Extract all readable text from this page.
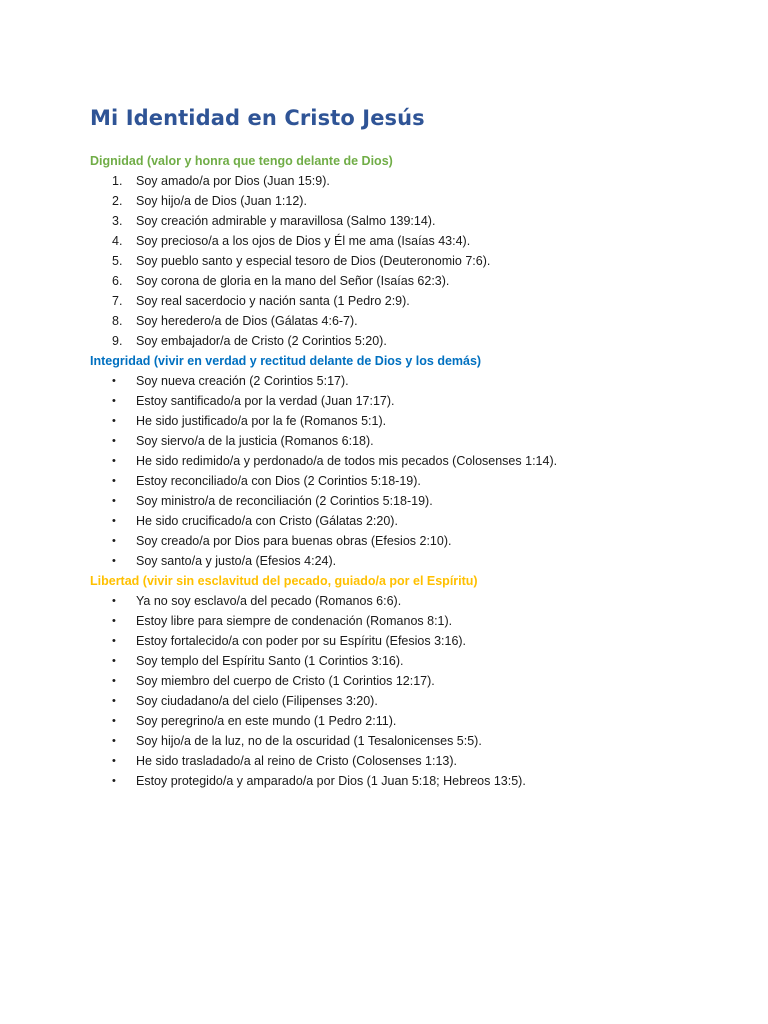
Mi Identidad en Cristo Jesús

Dignidad (valor y honra que tengo delante de Dios)

1. Soy amado/a por Dios (Juan 15:9).
2. Soy hijo/a de Dios (Juan 1:12).
3. Soy creación admirable y maravillosa (Salmo 139:14).
4. Soy precioso/a a los ojos de Dios y Él me ama (Isaías 43:4).
5. Soy pueblo santo y especial tesoro de Dios (Deuteronomio 7:6).
6. Soy corona de gloria en la mano del Señor (Isaías 62:3).
7. Soy real sacerdocio y nación santa (1 Pedro 2:9).
8. Soy heredero/a de Dios (Gálatas 4:6-7).
9. Soy embajador/a de Cristo (2 Corintios 5:20).

Integridad (vivir en verdad y rectitud delante de Dios y los demás)

•	Soy nueva creación (2 Corintios 5:17).
•	Estoy santificado/a por la verdad (Juan 17:17).
•	He sido justificado/a por la fe (Romanos 5:1).
•	Soy siervo/a de la justicia (Romanos 6:18).
•	He sido redimido/a y perdonado/a de todos mis pecados (Colosenses 1:14).
•	Estoy reconciliado/a con Dios (2 Corintios 5:18-19).
•	Soy ministro/a de reconciliación (2 Corintios 5:18-19).
•	He sido crucificado/a con Cristo (Gálatas 2:20).
•	Soy creado/a por Dios para buenas obras (Efesios 2:10).
•	Soy santo/a y justo/a (Efesios 4:24).

Libertad (vivir sin esclavitud del pecado, guiado/a por el Espíritu)

•	Ya no soy esclavo/a del pecado (Romanos 6:6).
•	Estoy libre para siempre de condenación (Romanos 8:1).
•	Estoy fortalecido/a con poder por su Espíritu (Efesios 3:16).
•	Soy templo del Espíritu Santo (1 Corintios 3:16).
•	Soy miembro del cuerpo de Cristo (1 Corintios 12:17).
•	Soy ciudadano/a del cielo (Filipenses 3:20).
•	Soy peregrino/a en este mundo (1 Pedro 2:11).
•	Soy hijo/a de la luz, no de la oscuridad (1 Tesalonicenses 5:5).
•	He sido trasladado/a al reino de Cristo (Colosenses 1:13).
•	Estoy protegido/a y amparado/a por Dios (1 Juan 5:18; Hebreos 13:5).
